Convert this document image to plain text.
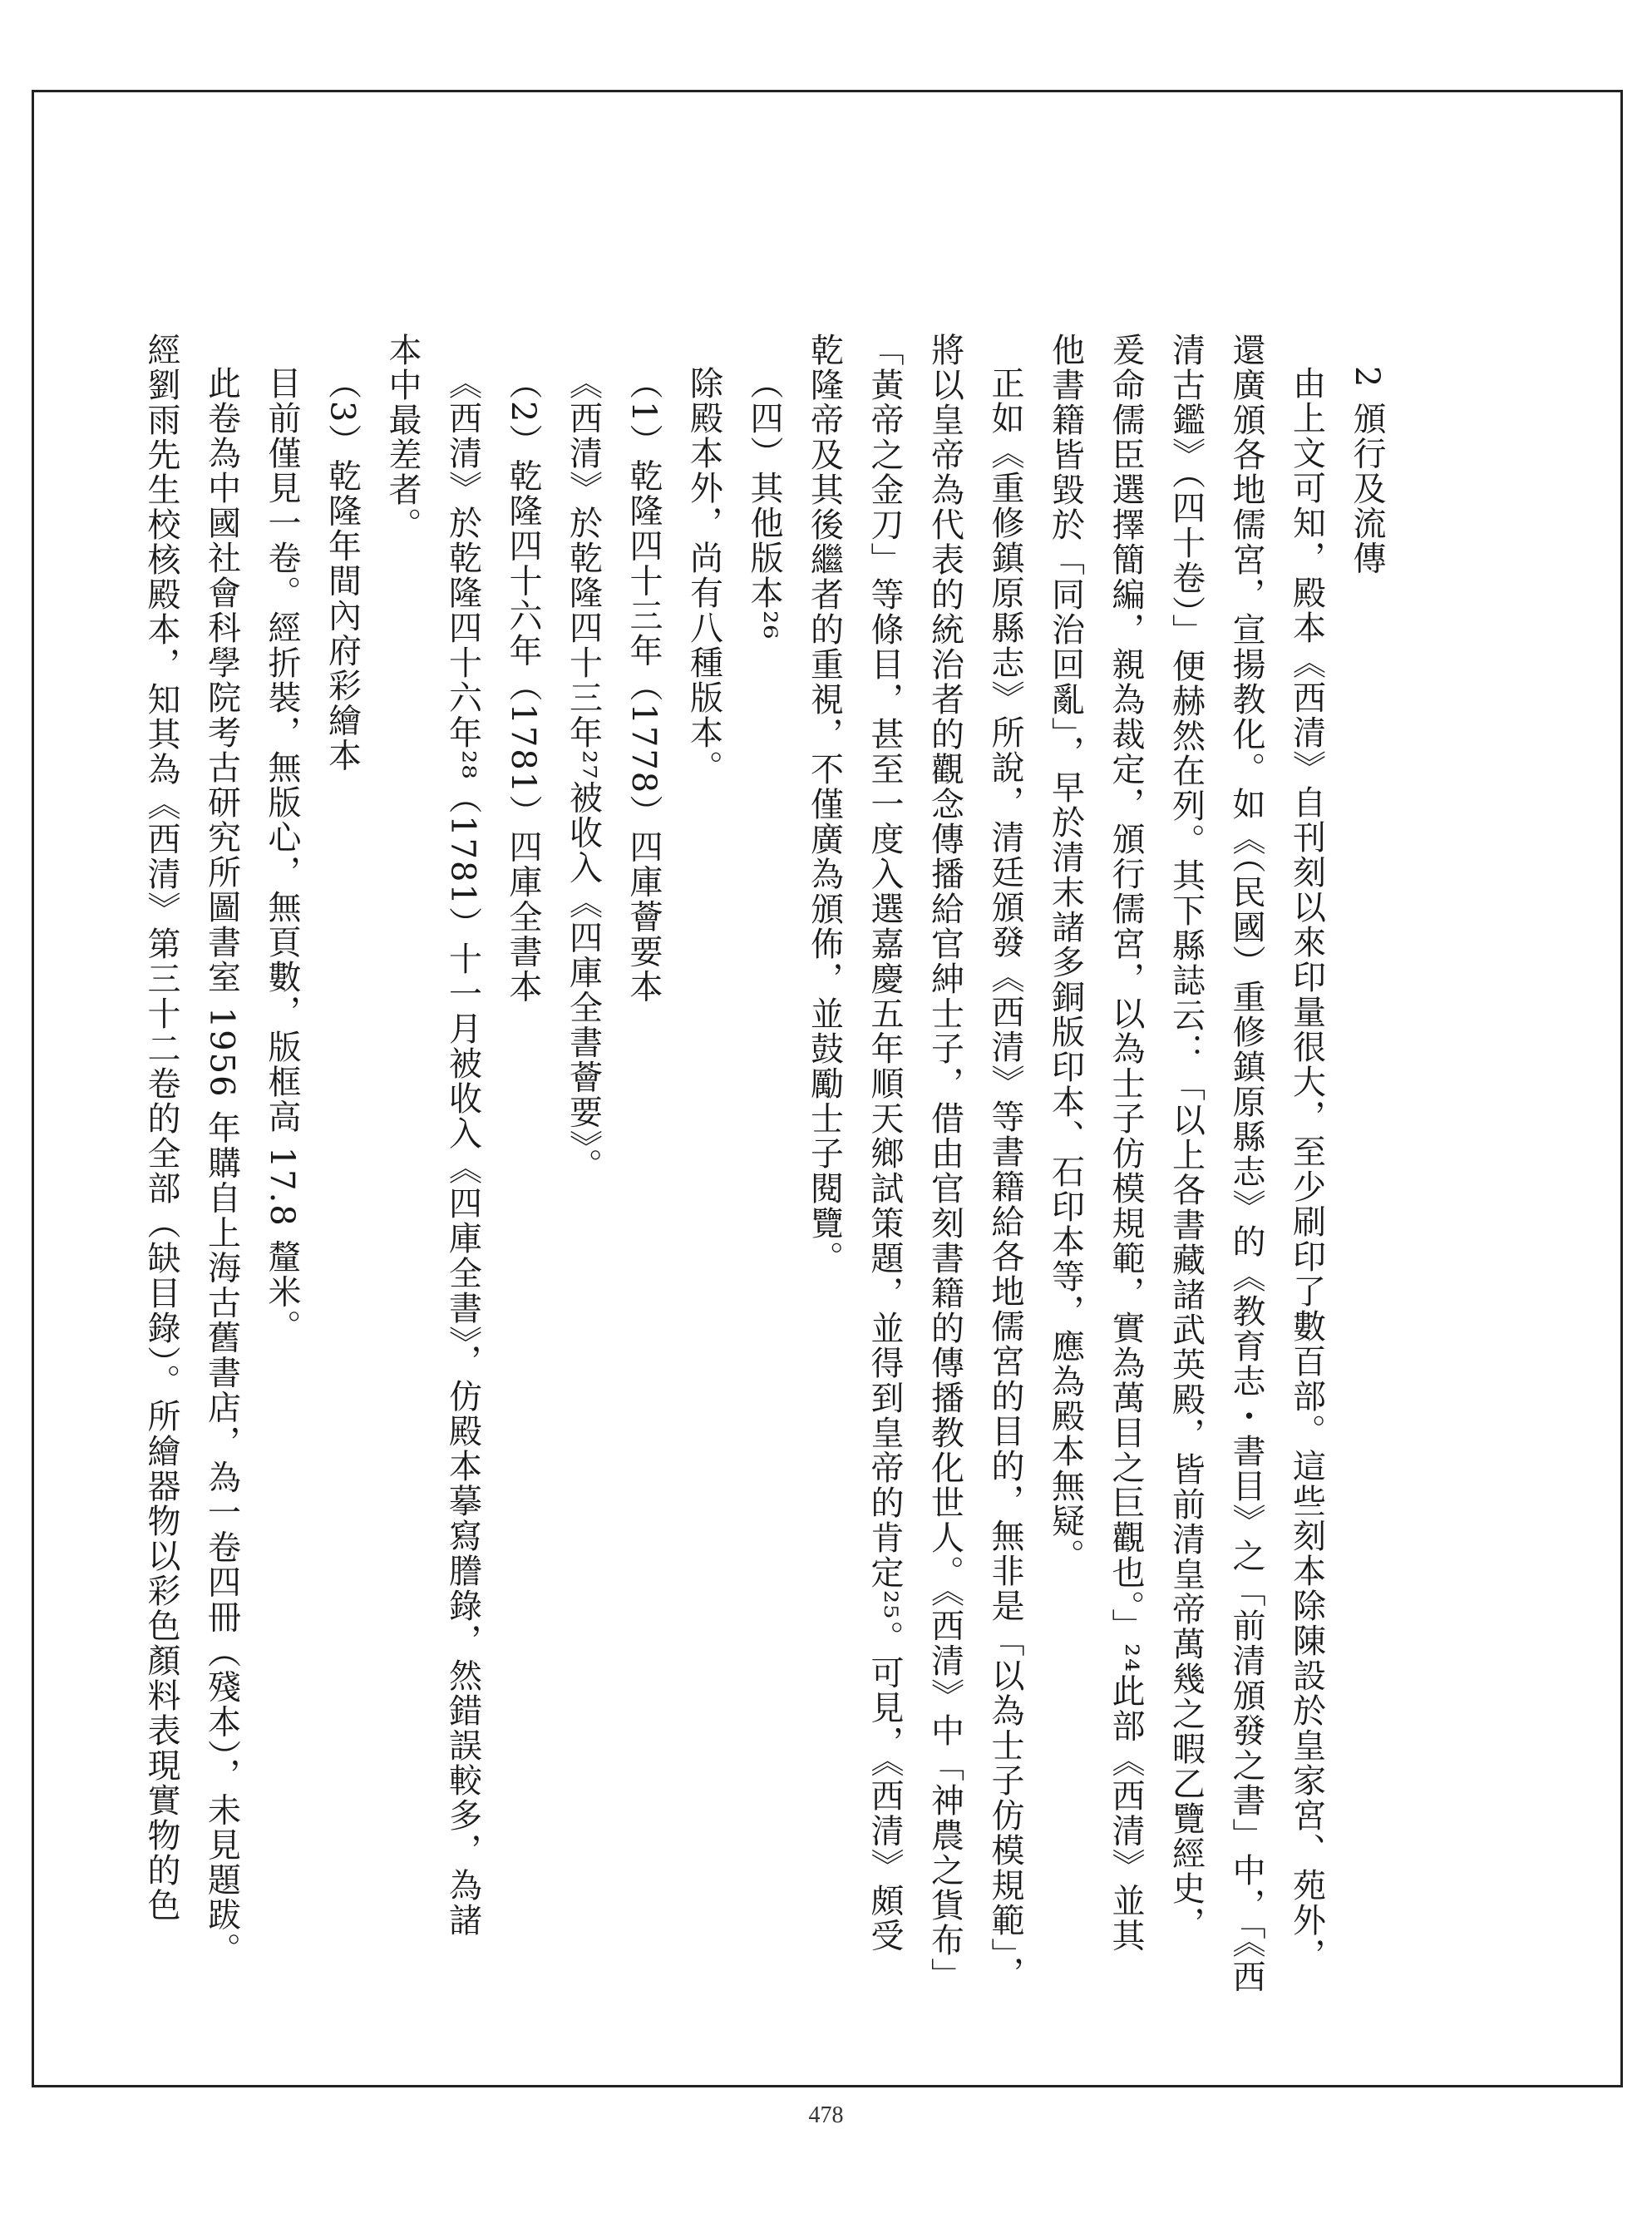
2 頒行及流傳
由上文可知，殿本《西清》自刊刻以來印量很大，至少刷印了數百部。這些刻本除陳設於皇家宮、苑外，
還廣頒各地儒宮，宣揚教化。如《（民國）重修鎮原縣志》的《教育志・書目》之「前清頒發之書」中，「《西
清古鑑》（四十卷）」便赫然在列。其下縣誌云：「以上各書藏諸武英殿，皆前清皇帝萬幾之暇乙覽經史，
爰命儒臣選擇簡編，親為裁定，頒行儒宮，以為士子仿模規範，實為萬目之巨觀也。」²⁴此部《西清》並其
他書籍皆毀於「同治回亂」，早於清末諸多銅版印本、石印本等，應為殿本無疑。
正如《重修鎮原縣志》所說，清廷頒發《西清》等書籍給各地儒宮的目的，無非是「以為士子仿模規範」，
將以皇帝為代表的統治者的觀念傳播給官紳士子，借由官刻書籍的傳播教化世人。《西清》中「神農之貨布」
「黃帝之金刀」等條目，甚至一度入選嘉慶五年順天鄉試策題，並得到皇帝的肯定²⁵。可見，《西清》頗受
乾隆帝及其後繼者的重視，不僅廣為頒佈，並鼓勵士子閱覽。
（四）其他版本²⁶
除殿本外，尚有八種版本。
（1）乾隆四十三年（1778）四庫薈要本
《西清》於乾隆四十三年²⁷被收入《四庫全書薈要》。
（2）乾隆四十六年（1781）四庫全書本
《西清》於乾隆四十六年²⁸（1781）十一月被收入《四庫全書》，仿殿本摹寫謄錄，然錯誤較多，為諸
本中最差者。
（3）乾隆年間內府彩繪本
目前僅見一卷。經折裝，無版心，無頁數，版框高 17.8 釐米。
此卷為中國社會科學院考古研究所圖書室 1956 年購自上海古舊書店，為一卷四冊（殘本），未見題跋。
經劉雨先生校核殿本，知其為《西清》第三十二卷的全部（缺目錄）。所繪器物以彩色顏料表現實物的色
478
